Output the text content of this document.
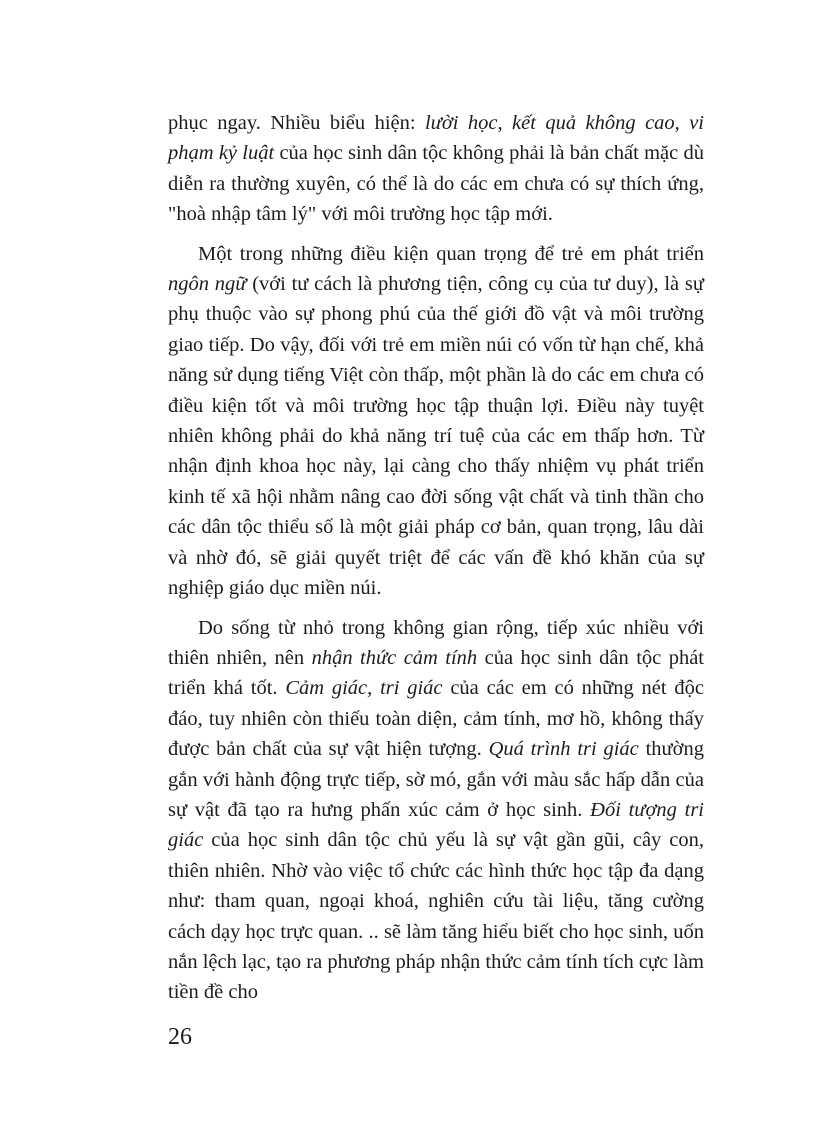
phục ngay. Nhiều biểu hiện: lười học, kết quả không cao, vi phạm kỷ luật của học sinh dân tộc không phải là bản chất mặc dù diễn ra thường xuyên, có thể là do các em chưa có sự thích ứng, "hoà nhập tâm lý" với môi trường học tập mới.

Một trong những điều kiện quan trọng để trẻ em phát triển ngôn ngữ (với tư cách là phương tiện, công cụ của tư duy), là sự phụ thuộc vào sự phong phú của thế giới đồ vật và môi trường giao tiếp. Do vậy, đối với trẻ em miền núi có vốn từ hạn chế, khả năng sử dụng tiếng Việt còn thấp, một phần là do các em chưa có điều kiện tốt và môi trường học tập thuận lợi. Điều này tuyệt nhiên không phải do khả năng trí tuệ của các em thấp hơn. Từ nhận định khoa học này, lại càng cho thấy nhiệm vụ phát triển kinh tế xã hội nhằm nâng cao đời sống vật chất và tinh thần cho các dân tộc thiểu số là một giải pháp cơ bản, quan trọng, lâu dài và nhờ đó, sẽ giải quyết triệt để các vấn đề khó khăn của sự nghiệp giáo dục miền núi.

Do sống từ nhỏ trong không gian rộng, tiếp xúc nhiều với thiên nhiên, nên nhận thức cảm tính của học sinh dân tộc phát triển khá tốt. Cảm giác, tri giác của các em có những nét độc đáo, tuy nhiên còn thiếu toàn diện, cảm tính, mơ hồ, không thấy được bản chất của sự vật hiện tượng. Quá trình tri giác thường gắn với hành động trực tiếp, sờ mó, gắn với màu sắc hấp dẫn của sự vật đã tạo ra hưng phấn xúc cảm ở học sinh. Đối tượng tri giác của học sinh dân tộc chủ yếu là sự vật gần gũi, cây con, thiên nhiên. Nhờ vào việc tổ chức các hình thức học tập đa dạng như: tham quan, ngoại khoá, nghiên cứu tài liệu, tăng cường cách dạy học trực quan. .. sẽ làm tăng hiểu biết cho học sinh, uốn nắn lệch lạc, tạo ra phương pháp nhận thức cảm tính tích cực làm tiền đề cho

26
